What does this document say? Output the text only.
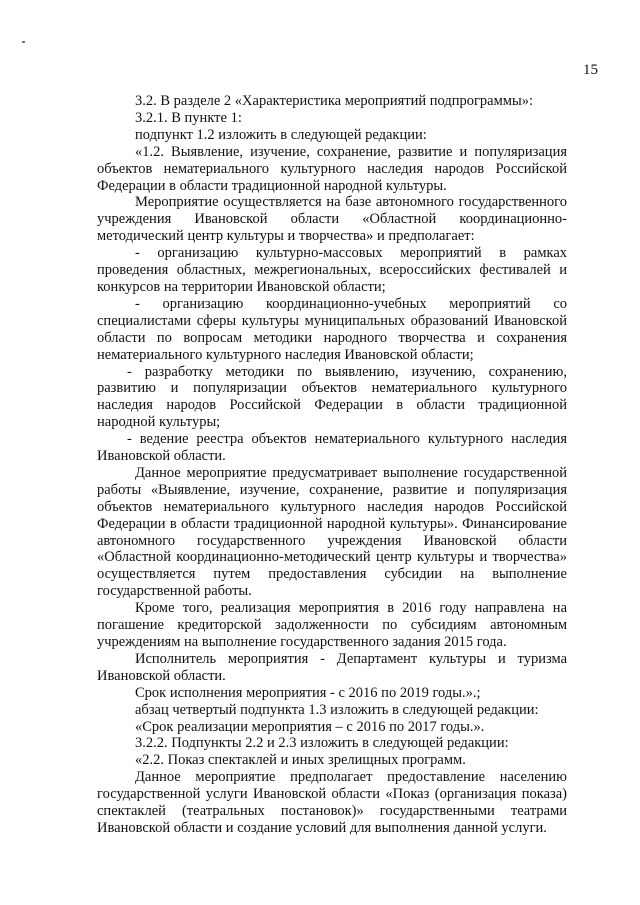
15

3.2. В разделе 2 «Характеристика мероприятий подпрограммы»:

3.2.1. В пункте 1:

подпункт 1.2 изложить в следующей редакции:

«1.2. Выявление, изучение, сохранение, развитие и популяризация объектов нематериального культурного наследия народов Российской Федерации в области традиционной народной культуры.

Мероприятие осуществляется на базе автономного государственного учреждения Ивановской области «Областной координационно-методический центр культуры и творчества» и предполагает:

- организацию культурно-массовых мероприятий в рамках проведения областных, межрегиональных, всероссийских фестивалей и конкурсов на территории Ивановской области;

- организацию координационно-учебных мероприятий со специалистами сферы культуры муниципальных образований Ивановской области по вопросам методики народного творчества и сохранения нематериального культурного наследия Ивановской области;

- разработку методики по выявлению, изучению, сохранению, развитию и популяризации объектов нематериального культурного наследия народов Российской Федерации в области традиционной народной культуры;

- ведение реестра объектов нематериального культурного наследия Ивановской области.

Данное мероприятие предусматривает выполнение государственной работы «Выявление, изучение, сохранение, развитие и популяризация объектов нематериального культурного наследия народов Российской Федерации в области традиционной народной культуры». Финансирование автономного государственного учреждения Ивановской области «Областной координационно-методический центр культуры и творчества» осуществляется путем предоставления субсидии на выполнение государственной работы.

Кроме того, реализация мероприятия в 2016 году направлена на погашение кредиторской задолженности по субсидиям автономным учреждениям на выполнение государственного задания 2015 года.

Исполнитель мероприятия - Департамент культуры и туризма Ивановской области.

Срок исполнения мероприятия - с 2016 по 2019 годы.».;

абзац четвертый подпункта 1.3 изложить в следующей редакции:

«Срок реализации мероприятия – с 2016 по 2017 годы.».

3.2.2. Подпункты 2.2 и 2.3 изложить в следующей редакции:

«2.2. Показ спектаклей и иных зрелищных программ.

Данное мероприятие предполагает предоставление населению государственной услуги Ивановской области «Показ (организация показа) спектаклей (театральных постановок)» государственными театрами Ивановской области и создание условий для выполнения данной услуги.
